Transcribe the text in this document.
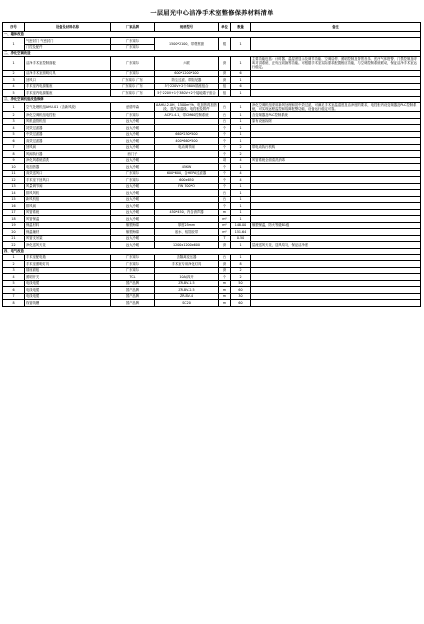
一层屈光中心洁净手术室整修保养材料清单
序号	设备及材料名称	厂家品牌	规格型号	单位	数量	备注
一、墙体改造						
1	气密封门 气密封门	广东赛尔	1500*2100，带观察窗	樘	1	
	门控及配件	广东赛尔				
二、净化空调改造						
1	洁净手术室控制面板	广东赛尔	六联	套	1	主要功能包括：计时器、温湿度显示及调节功能、空调启停、照明控制及背景音乐、医疗气体报警、门禁控制及呼叫对讲系统、正负压切换等功能。可根据手术室实际需求配置相应功能，与空调控制系统联动，保证洁净手术室运行稳定。
2	洁净手术室照明灯具	广东赛尔	600*1200*100	套	6	
3	回风口	广东赛尔 广东	防尘过滤、带阻尼器	套	1	
4	手术室内电源插座	广东赛尔 广东	5个220V+2个380V插座组合	组	6	
5	手术室内电源插座	广东赛尔 广东	5个220V+1个380V+2个接地端子组合	组	1	
三、净化空调机组改造维修						
1	空气处理机组AHU-01（含新风段）	爱德华森	AAHU-2.0H，1500m³/h，电加热再加热段、蒸汽加湿段、电控柜及附件	台	1	净化空调机组采用新风处理和初中效过滤，可满足手术室温湿度及洁净度的要求，电控柜内设变频器及PLC控制系统，可实现远程监控和故障报警功能，设备运行稳定可靠。
2	净化空调机组电控柜	广东赛尔	ACP1.4.1，带CM60控制系统	台	1	含变频器及PLC控制系统
3	风机盘管机组	远大冷暖		台	1	原有设备拆除
4	初效过滤器	远大冷暖		个	1	
5	中效过滤器	远大冷暖	660*230*500	个	1	
6	高效过滤器	远大冷暖	400*660*500	个	1	
7	回风阀	远大冷暖	电动调节阀	个	2	带电动执行机构
8	风阀执行器	西门子		个	2	
9	净化风系统清洗	远大冷暖		项	4	风管系统全面清洗消毒
10	电加热器	远大冷暖	45KW	个	1	
11	高效送风口	广东赛尔	600*600，含HEPA过滤器	个	4	
12	手术室下回风口	广东赛尔	600x650	个	4	
13	风量调节阀	远大冷暖	FW 700*O	个	1	
14	排风风机	远大冷暖		台	1	
15	新风机组	远大冷暖		台	1	
16	排风阀	远大冷暖		个	1	
17	风管系统	远大冷暖	450*450，内含消声器	m	1	
18	风管保温	远大冷暖		m²	1	
19	保温材料	橡塑海绵	厚度25mm	m²	148.00	橡塑保温，防火等级B1级
20	保温辅材	橡塑海绵	胶水、铝箔胶带	m²	151.64	
21	风管支吊架	远大冷暖		T	0.50	
22	净化送风天花	远大冷暖	1200x1200x600	套	1	层流送风天花，送风均匀，保证洁净度
四、电气改造						
1	手术室配电箱	广东赛尔	含隔离变压器	台	1	
2	手术室照明灯具	广东赛尔	手术室专用净化灯具	套	8	
3	插座面板	广东赛尔		套	2	
4	照明开关	TCL	10A/四开	个	2	
5	电线电缆	国产品牌	ZR-BV-1.5	m	50	
6	电线电缆	国产品牌	ZR-BV-2.5	m	60	
7	电线电缆	国产品牌	ZR-BV-4	m	30	
8	线管线槽	国产品牌	SC20	m	60	
